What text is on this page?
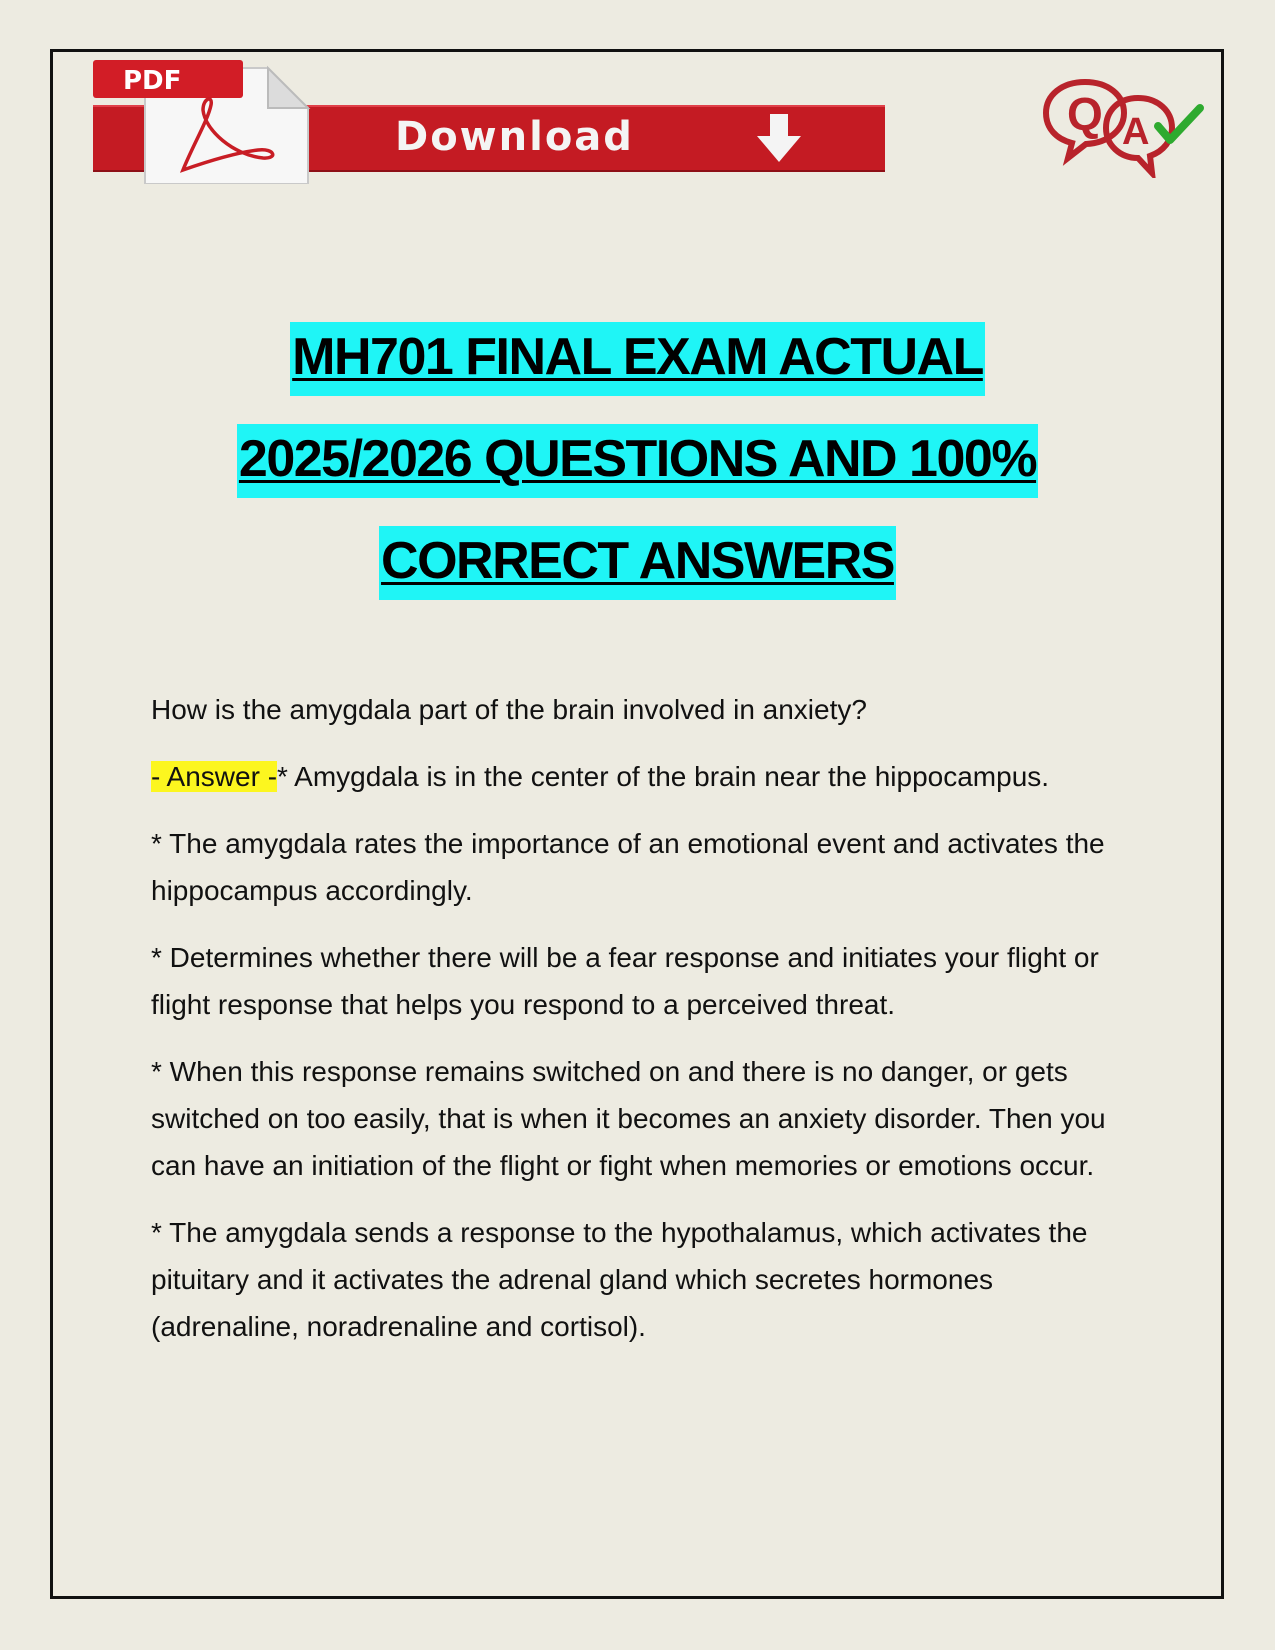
Download
PDF
Q A
MH701 FINAL EXAM ACTUAL
2025/2026 QUESTIONS AND 100%
CORRECT ANSWERS

How is the amygdala part of the brain involved in anxiety?

- Answer -* Amygdala is in the center of the brain near the hippocampus.

* The amygdala rates the importance of an emotional event and activates the hippocampus accordingly.

* Determines whether there will be a fear response and initiates your flight or flight response that helps you respond to a perceived threat.

* When this response remains switched on and there is no danger, or gets switched on too easily, that is when it becomes an anxiety disorder. Then you can have an initiation of the flight or fight when memories or emotions occur.

* The amygdala sends a response to the hypothalamus, which activates the pituitary and it activates the adrenal gland which secretes hormones (adrenaline, noradrenaline and cortisol).
